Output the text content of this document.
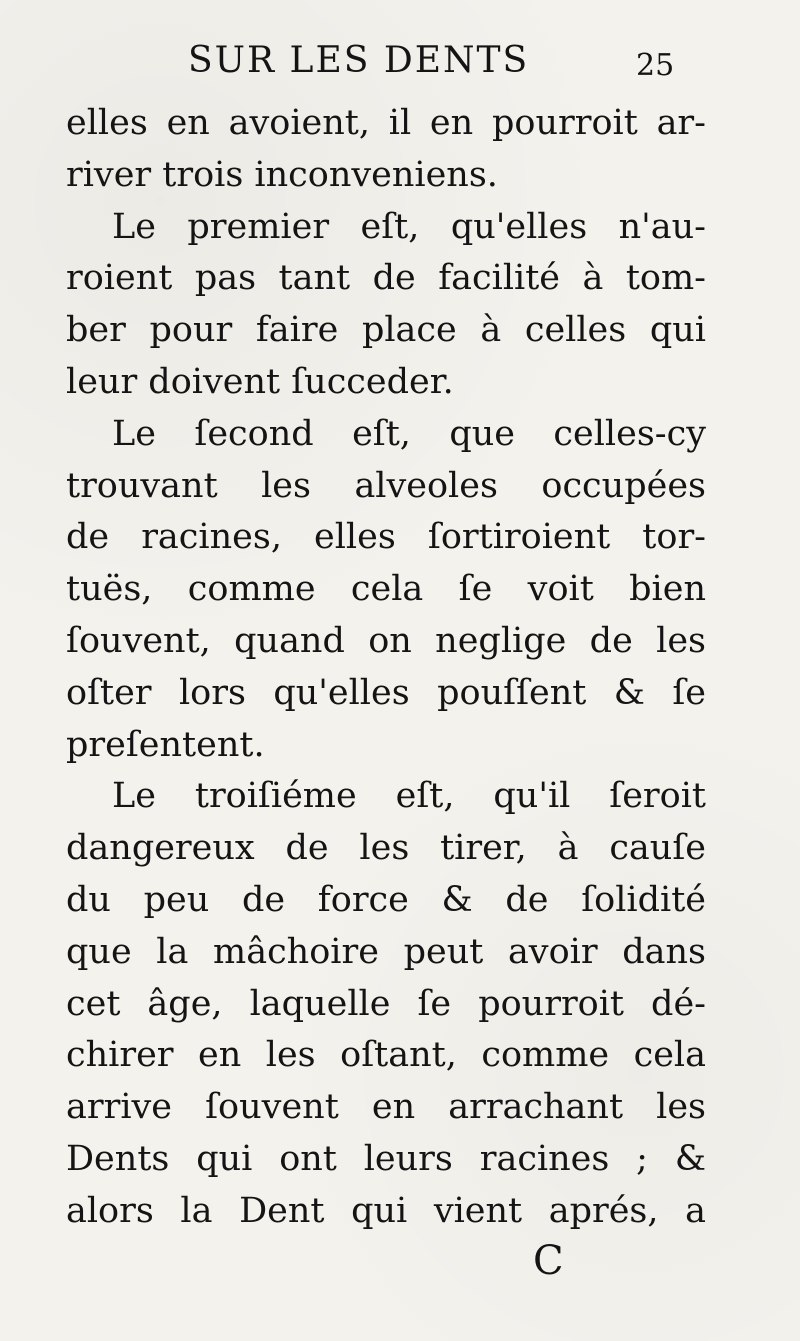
SUR LES DENTS	25
elles en avoient, il en pourroit ar-
river trois inconveniens.
Le premier eſt, qu'elles n'au-
roient pas tant de facilité à tom-
ber pour faire place à celles qui
leur doivent ſucceder.
Le ſecond eſt, que celles-cy
trouvant les alveoles occupées
de racines, elles ſortiroient tor-
tuës, comme cela ſe voit bien
ſouvent, quand on neglige de les
oſter lors qu'elles pouſſent & ſe
preſentent.
Le troiſiéme eſt, qu'il ſeroit
dangereux de les tirer, à cauſe
du peu de force & de ſolidité
que la mâchoire peut avoir dans
cet âge, laquelle ſe pourroit dé-
chirer en les oſtant, comme cela
arrive ſouvent en arrachant les
Dents qui ont leurs racines ; &
alors la Dent qui vient aprés, a
C
